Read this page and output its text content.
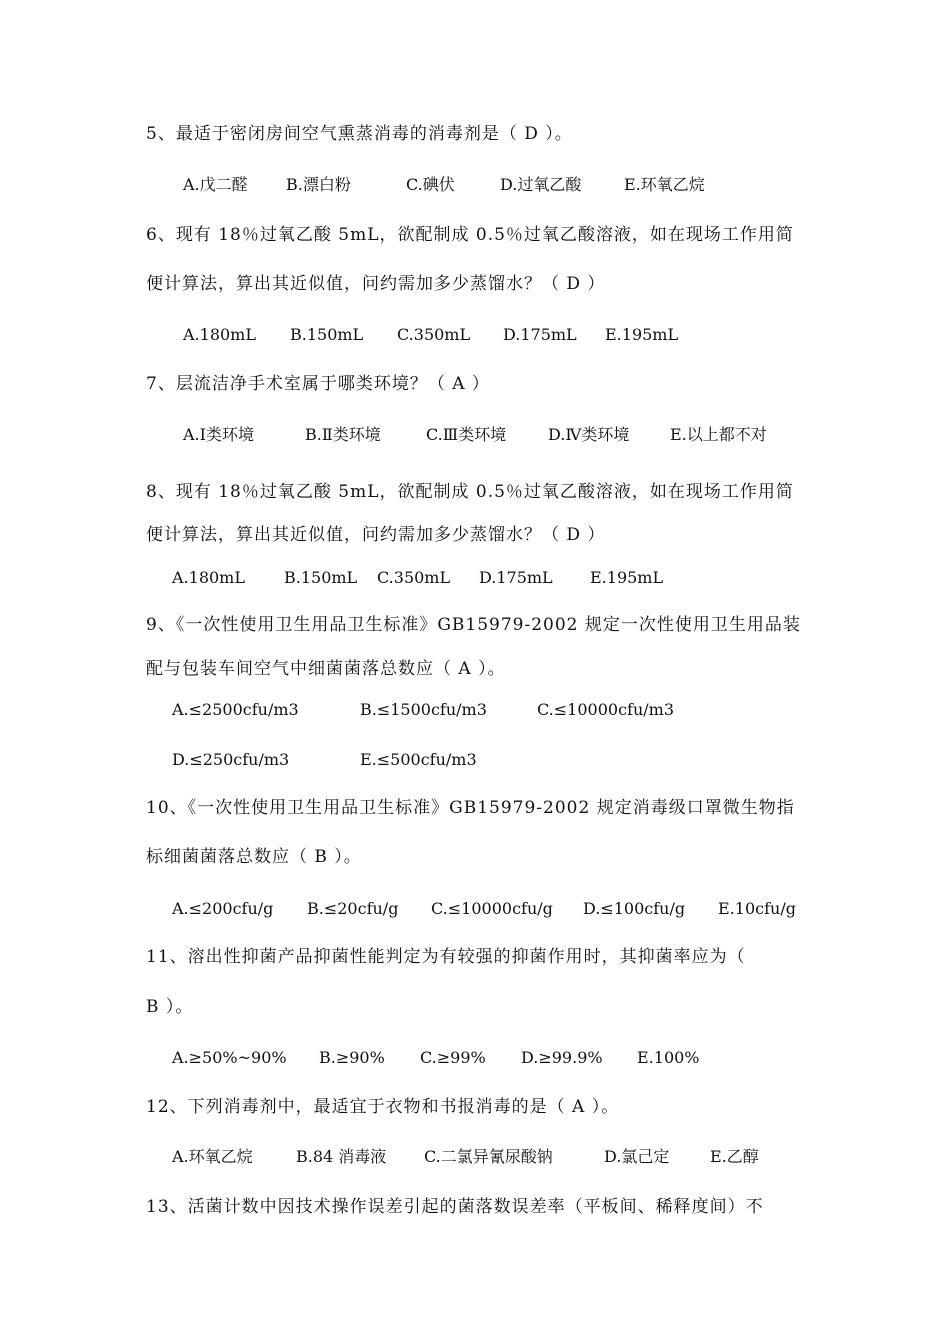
5、最适于密闭房间空气熏蒸消毒的消毒剂是（ D ）。
A.戊二醛 B.漂白粉	C.碘伏	D.过氧乙酸	E.环氧乙烷
6、现有 18％过氧乙酸 5mL，欲配制成 0.5％过氧乙酸溶液，如在现场工作用简
便计算法，算出其近似值，问约需加多少蒸馏水？（ D ）
A.180mL B.150mL C.350mL D.175mL E.195mL
7、层流洁净手术室属于哪类环境？（ A ）
A.Ⅰ类环境	B.Ⅱ类环境	C.Ⅲ类环境	D.Ⅳ类环境	E.以上都不对
8、现有 18％过氧乙酸 5mL，欲配制成 0.5％过氧乙酸溶液，如在现场工作用简
便计算法，算出其近似值，问约需加多少蒸馏水？（ D ）
A.180mL B.150mL C.350mL D.175mL E.195mL
9、《一次性使用卫生用品卫生标准》GB15979-2002 规定一次性使用卫生用品装
配与包装车间空气中细菌菌落总数应（ A ）。
A.≤2500cfu/m3	B.≤1500cfu/m3	C.≤10000cfu/m3
D.≤250cfu/m3	E.≤500cfu/m3
10、《一次性使用卫生用品卫生标准》GB15979-2002 规定消毒级口罩微生物指
标细菌菌落总数应（ B ）。
A.≤200cfu/g B.≤20cfu/g C.≤10000cfu/g D.≤100cfu/g E.10cfu/g
11、溶出性抑菌产品抑菌性能判定为有较强的抑菌作用时，其抑菌率应为（
B ）。
A.≥50%~90% B.≥90% C.≥99% D.≥99.9% E.100%
12、下列消毒剂中，最适宜于衣物和书报消毒的是（ A ）。
A.环氧乙烷	B.84 消毒液 C.二氯异氰尿酸钠	D.氯己定	E.乙醇
13、活菌计数中因技术操作误差引起的菌落数误差率（平板间、稀释度间）不
